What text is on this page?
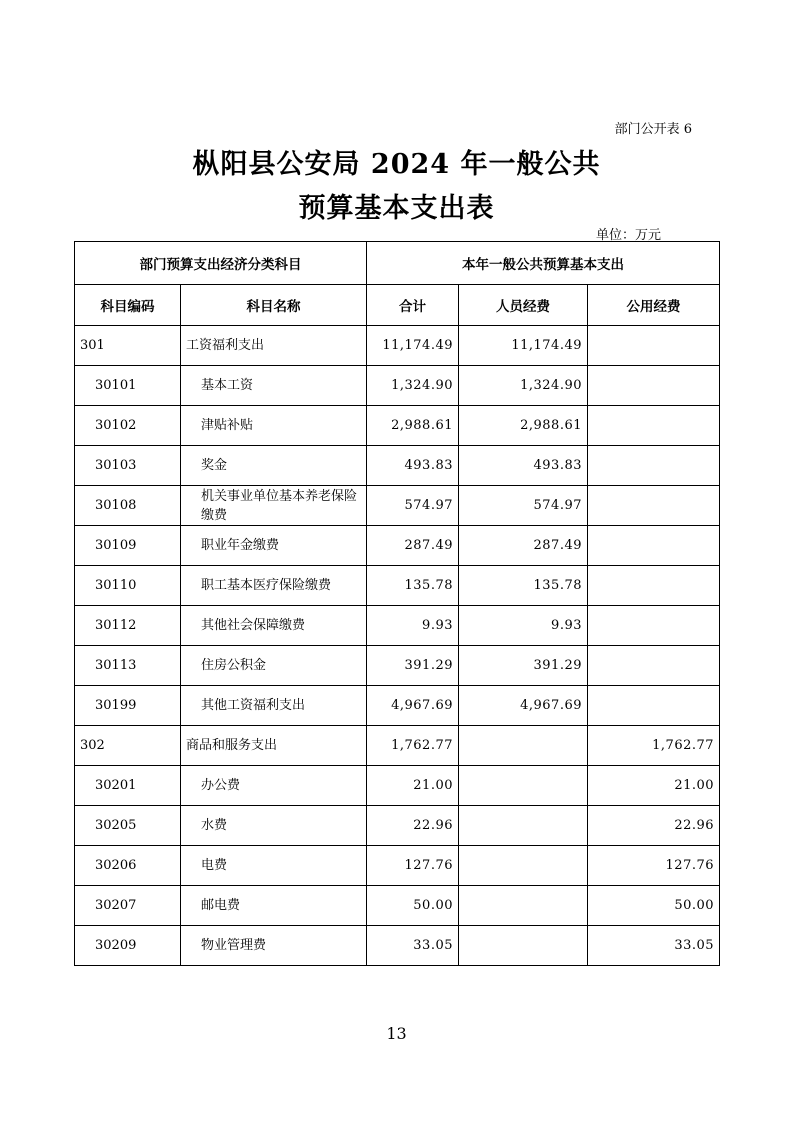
部门公开表 6
枞阳县公安局 2024 年一般公共
预算基本支出表
单位：万元
部门预算支出经济分类科目		本年一般公共预算基本支出		
科目编码	科目名称	合计	人员经费	公用经费
301	工资福利支出	11,174.49	11,174.49	
30101	基本工资	1,324.90	1,324.90	
30102	津贴补贴	2,988.61	2,988.61	
30103	奖金	493.83	493.83	
30108	机关事业单位基本养老保险缴费	574.97	574.97	
30109	职业年金缴费	287.49	287.49	
30110	职工基本医疗保险缴费	135.78	135.78	
30112	其他社会保障缴费	9.93	9.93	
30113	住房公积金	391.29	391.29	
30199	其他工资福利支出	4,967.69	4,967.69	
302	商品和服务支出	1,762.77		1,762.77
30201	办公费	21.00		21.00
30205	水费	22.96		22.96
30206	电费	127.76		127.76
30207	邮电费	50.00		50.00
30209	物业管理费	33.05		33.05
13
